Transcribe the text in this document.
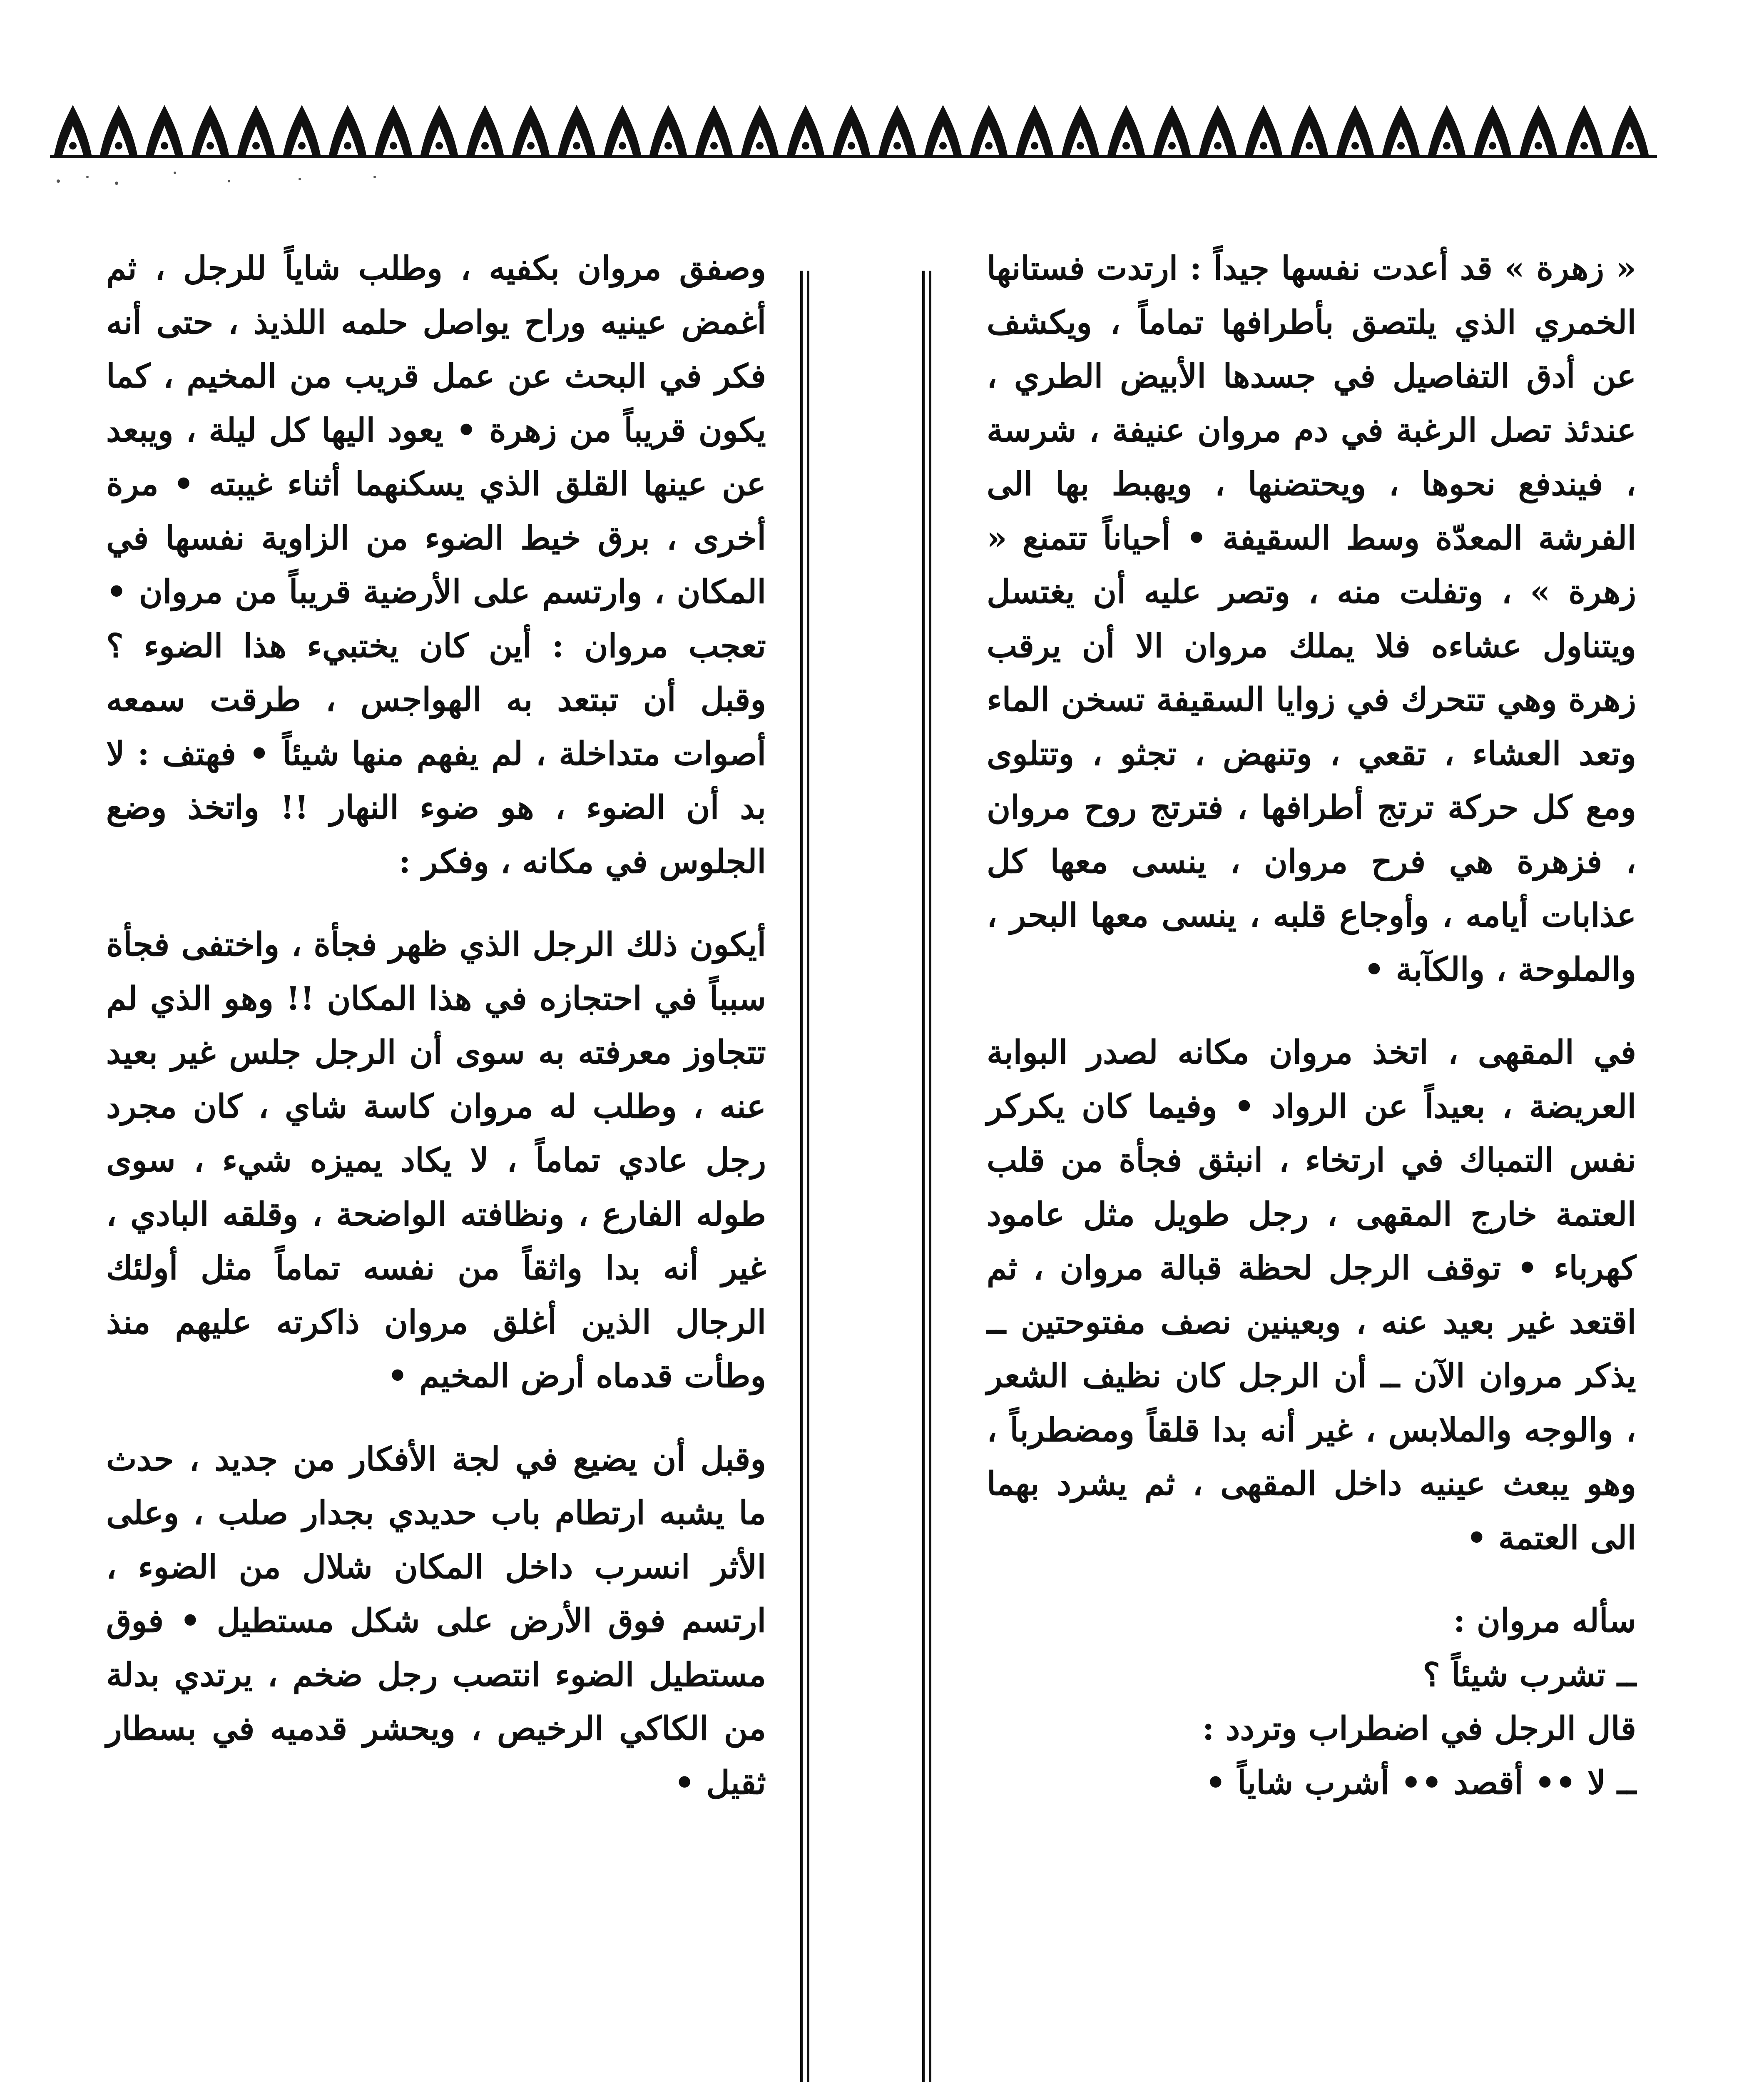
« زهرة » قد أعدت نفسها جيداً : ارتدت فستانها الخمري الذي يلتصق بأطرافها تماماً ، ويكشف عن أدق التفاصيل في جسدها الأبيض الطري ، عندئذ تصل الرغبة في دم مروان عنيفة ، شرسة ، فيندفع نحوها ، ويحتضنها ، ويهبط بها الى الفرشة المعدّة وسط السقيفة • أحياناً تتمنع « زهرة » ، وتفلت منه ، وتصر عليه أن يغتسل ويتناول عشاءه فلا يملك مروان الا أن يرقب زهرة وهي تتحرك في زوايا السقيفة تسخن الماء وتعد العشاء ، تقعي ، وتنهض ، تجثو ، وتتلوى ومع كل حركة ترتج أطرافها ، فترتج روح مروان ، فزهرة هي فرح مروان ، ينسى معها كل عذابات أيامه ، وأوجاع قلبه ، ينسى معها البحر ، والملوحة ، والكآبة •

في المقهى ، اتخذ مروان مكانه لصدر البوابة العريضة ، بعيداً عن الرواد • وفيما كان يكركر نفس التمباك في ارتخاء ، انبثق فجأة من قلب العتمة خارج المقهى ، رجل طويل مثل عامود كهرباء • توقف الرجل لحظة قبالة مروان ، ثم اقتعد غير بعيد عنه ، وبعينين نصف مفتوحتين ــ يذكر مروان الآن ــ أن الرجل كان نظيف الشعر ، والوجه والملابس ، غير أنه بدا قلقاً ومضطرباً ، وهو يبعث عينيه داخل المقهى ، ثم يشرد بهما الى العتمة •

سأله مروان :

ــ تشرب شيئاً ؟

قال الرجل في اضطراب وتردد :

ــ لا •• أقصد •• أشرب شاياً •

وصفق مروان بكفيه ، وطلب شاياً للرجل ، ثم أغمض عينيه وراح يواصل حلمه اللذيذ ، حتى أنه فكر في البحث عن عمل قريب من المخيم ، كما يكون قريباً من زهرة • يعود اليها كل ليلة ، ويبعد عن عينها القلق الذي يسكنهما أثناء غيبته • مرة أخرى ، برق خيط الضوء من الزاوية نفسها في المكان ، وارتسم على الأرضية قريباً من مروان • تعجب مروان : أين كان يختبيء هذا الضوء ؟ وقبل أن تبتعد به الهواجس ، طرقت سمعه أصوات متداخلة ، لم يفهم منها شيئاً • فهتف : لا بد أن الضوء ، هو ضوء النهار !! واتخذ وضع الجلوس في مكانه ، وفكر :

أيكون ذلك الرجل الذي ظهر فجأة ، واختفى فجأة سبباً في احتجازه في هذا المكان !! وهو الذي لم تتجاوز معرفته به سوى أن الرجل جلس غير بعيد عنه ، وطلب له مروان كاسة شاي ، كان مجرد رجل عادي تماماً ، لا يكاد يميزه شيء ، سوى طوله الفارع ، ونظافته الواضحة ، وقلقه البادي ، غير أنه بدا واثقاً من نفسه تماماً مثل أولئك الرجال الذين أغلق مروان ذاكرته عليهم منذ وطأت قدماه أرض المخيم •

وقبل أن يضيع في لجة الأفكار من جديد ، حدث ما يشبه ارتطام باب حديدي بجدار صلب ، وعلى الأثر انسرب داخل المكان شلال من الضوء ، ارتسم فوق الأرض على شكل مستطيل • فوق مستطيل الضوء انتصب رجل ضخم ، يرتدي بدلة من الكاكي الرخيص ، ويحشر قدميه في بسطار ثقيل •
